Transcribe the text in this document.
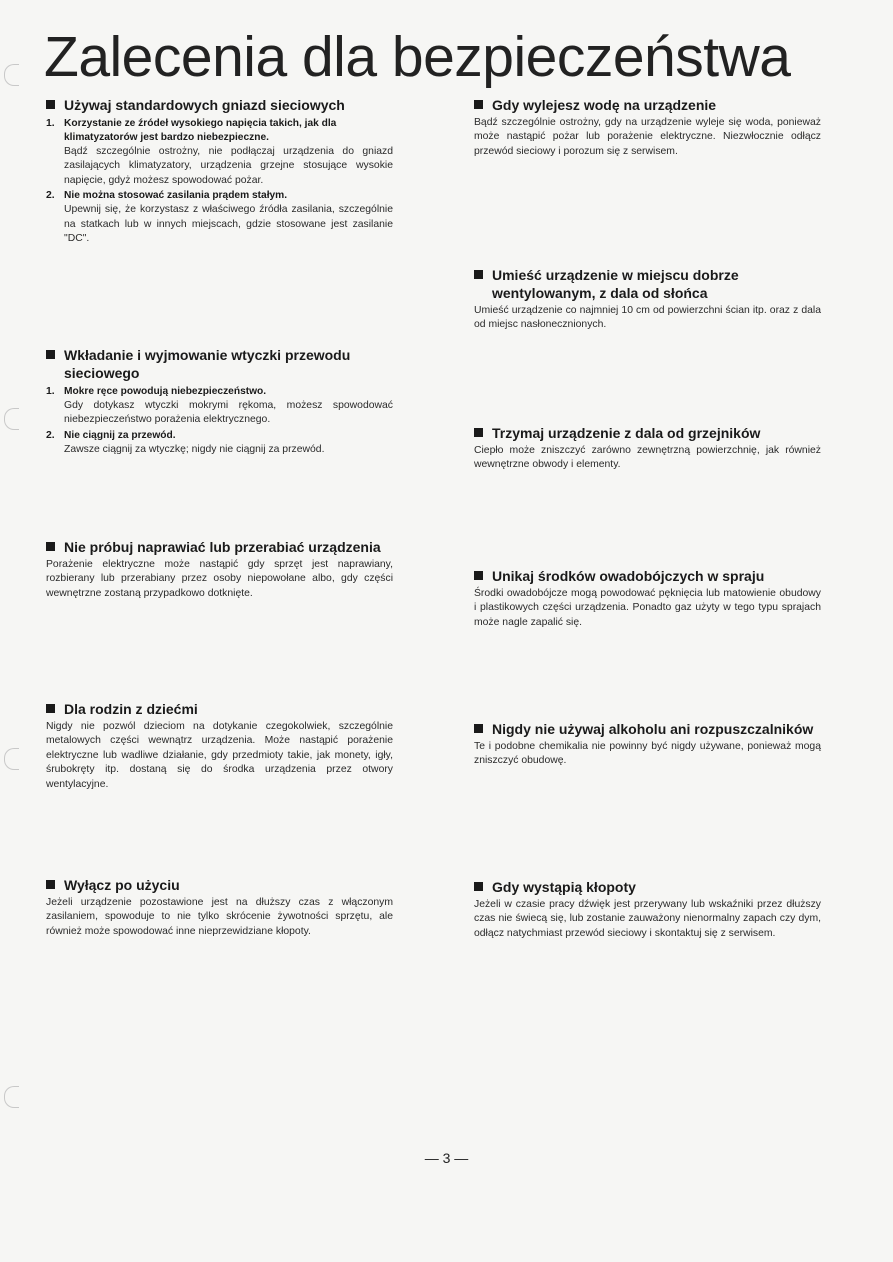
Zalecenia dla bezpieczeństwa
Używaj standardowych gniazd sieciowych
1. Korzystanie ze źródeł wysokiego napięcia takich, jak dla klimatyzatorów jest bardzo niebezpieczne.

Bądź szczególnie ostrożny, nie podłączaj urządzenia do gniazd zasilających klimatyzatory, urządzenia grzejne stosujące wysokie napięcie, gdyż możesz spowodować pożar.

2. Nie można stosować zasilania prądem stałym.

Upewnij się, że korzystasz z właściwego źródła zasilania, szczególnie na statkach lub w innych miejscach, gdzie stosowane jest zasilanie "DC".

Wkładanie i wyjmowanie wtyczki przewodu sieciowego
1. Mokre ręce powodują niebezpieczeństwo.

Gdy dotykasz wtyczki mokrymi rękoma, możesz spowodować niebezpieczeństwo porażenia elektrycznego.

2. Nie ciągnij za przewód.

Zawsze ciągnij za wtyczkę; nigdy nie ciągnij za przewód.

Nie próbuj naprawiać lub przerabiać urządzenia

Porażenie elektryczne może nastąpić gdy sprzęt jest naprawiany, rozbierany lub przerabiany przez osoby niepowołane albo, gdy części wewnętrzne zostaną przypadkowo dotknięte.

Dla rodzin z dziećmi

Nigdy nie pozwól dzieciom na dotykanie czegokolwiek, szczególnie metalowych części wewnątrz urządzenia. Może nastąpić porażenie elektryczne lub wadliwe działanie, gdy przedmioty takie, jak monety, igły, śrubokręty itp. dostaną się do środka urządzenia przez otwory wentylacyjne.

Wyłącz po użyciu

Jeżeli urządzenie pozostawione jest na dłuższy czas z włączonym zasilaniem, spowoduje to nie tylko skrócenie żywotności sprzętu, ale również może spowodować inne nieprzewidziane kłopoty.

Gdy wylejesz wodę na urządzenie

Bądź szczególnie ostrożny, gdy na urządzenie wyleje się woda, ponieważ może nastąpić pożar lub porażenie elektryczne. Niezwłocznie odłącz przewód sieciowy i porozum się z serwisem.

Umieść urządzenie w miejscu dobrze wentylowanym, z dala od słońca

Umieść urządzenie co najmniej 10 cm od powierzchni ścian itp. oraz z dala od miejsc nasłonecznionych.

Trzymaj urządzenie z dala od grzejników

Ciepło może zniszczyć zarówno zewnętrzną powierzchnię, jak również wewnętrzne obwody i elementy.

Unikaj środków owadobójczych w spraju

Środki owadobójcze mogą powodować pęknięcia lub matowienie obudowy i plastikowych części urządzenia. Ponadto gaz użyty w tego typu sprajach może nagle zapalić się.

Nigdy nie używaj alkoholu ani rozpuszczalników

Te i podobne chemikalia nie powinny być nigdy używane, ponieważ mogą zniszczyć obudowę.

Gdy wystąpią kłopoty

Jeżeli w czasie pracy dźwięk jest przerywany lub wskaźniki przez dłuższy czas nie świecą się, lub zostanie zauważony nienormalny zapach czy dym, odłącz natychmiast przewód sieciowy i skontaktuj się z serwisem.

— 3 —
